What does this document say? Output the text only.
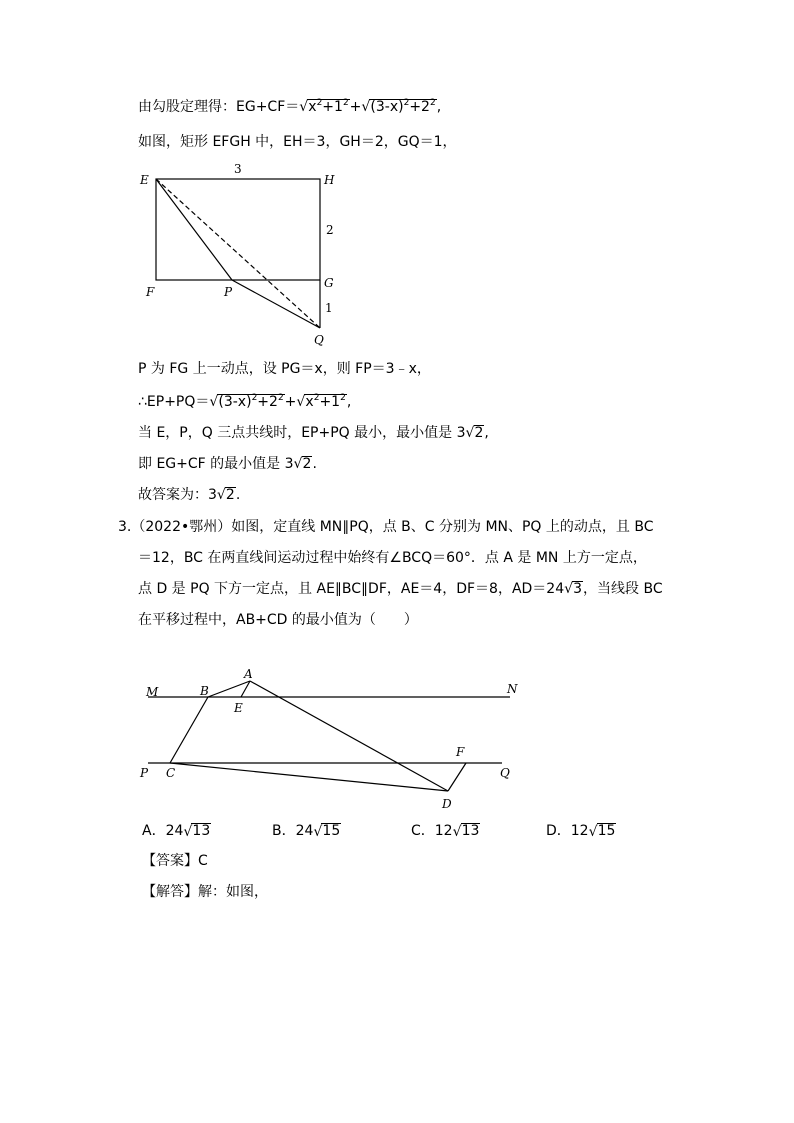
由勾股定理得：EG+CF＝ √ $x^2+1^2+$ √ $(3-x)^2+2^2$,
如图，矩形 EFGH 中，EH＝3，GH＝2，GQ＝1，
E	H
F
G
P
Q
3
2
1
P 为 FG 上一动点，设 PG＝x，则 FP＝3﹣x，
∴EP+PQ＝ √ $(3-x)^2+2^2+$ √ $x^2+1^2$,
当 E，P，Q 三点共线时，EP+PQ 最小，最小值是 3 √ 2,
即 EG+CF 的最小值是 3 √ 2.
故答案为：3 √ 2.
3.（2022•鄂州）如图，定直线 MN∥PQ，点 B、C 分别为 MN、PQ 上的动点，且 BC
＝12，BC 在两直线间运动过程中始终有∠BCQ＝60°．点 A 是 MN 上方一定点，
点 D 是 PQ 下方一定点，且 AE∥BC∥DF，AE＝4，DF＝8，AD＝24 √ 3，当线段 BC
在平移过程中，AB+CD 的最小值为（　　）
M	B
A
E
N
F
P C	Q
D
A．24 √ 13	B．24 √ 15	C．12 √ 13	D．12 √ 15
【答案】C
【解答】解：如图，
